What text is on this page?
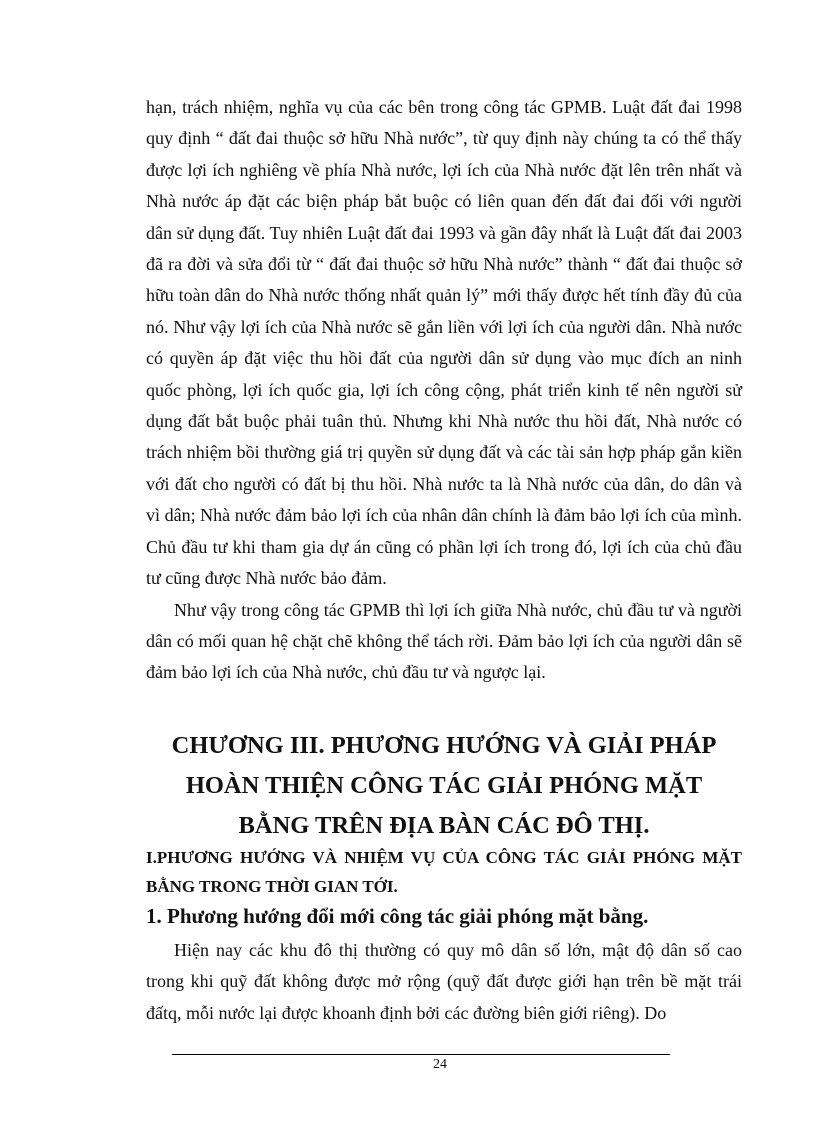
hạn, trách nhiệm, nghĩa vụ của các bên trong công tác GPMB. Luật đất đai 1998 quy định “ đất đai thuộc sở hữu Nhà nước”, từ quy định này chúng ta có thể thấy được lợi ích nghiêng về phía Nhà nước, lợi ích của Nhà nước đặt lên trên nhất và Nhà nước áp đặt các biện pháp bắt buộc có liên quan đến đất đai đối với người dân sử dụng đất. Tuy nhiên Luật đất đai 1993 và gần đây nhất là Luật đất đai 2003 đã ra đời và sửa đổi từ “ đất đai thuộc sở hữu Nhà nước” thành “ đất đai thuộc sở hữu toàn dân do Nhà nước thống nhất quản lý” mới thấy được hết tính đầy đủ của nó. Như vậy lợi ích của Nhà nước sẽ gắn liền với lợi ích của người dân. Nhà nước có quyền áp đặt việc thu hồi đất của người dân sử dụng vào mục đích an ninh quốc phòng, lợi ích quốc gia, lợi ích công cộng, phát triển kinh tế nên người sử dụng đất bắt buộc phải tuân thủ. Nhưng khi Nhà nước thu hồi đất, Nhà nước có trách nhiệm bồi thường giá trị quyền sử dụng đất và các tài sản hợp pháp gắn kiền với đất cho người có đất bị thu hồi. Nhà nước ta là Nhà nước của dân, do dân và vì dân; Nhà nước đảm bảo lợi ích của nhân dân chính là đảm bảo lợi ích của mình. Chủ đầu tư khi tham gia dự án cũng có phần lợi ích trong đó, lợi ích của chủ đầu tư cũng được Nhà nước bảo đảm.

Như vậy trong công tác GPMB thì lợi ích giữa Nhà nước, chủ đầu tư và người dân có mối quan hệ chặt chẽ không thể tách rời. Đảm bảo lợi ích của người dân sẽ đảm bảo lợi ích của Nhà nước, chủ đầu tư và ngược lại.

CHƯƠNG III. PHƯƠNG HƯỚNG VÀ GIẢI PHÁP
HOÀN THIỆN CÔNG TÁC GIẢI PHÓNG MẶT
BẰNG TRÊN ĐỊA BÀN CÁC ĐÔ THỊ.
I.PHƯƠNG HƯỚNG VÀ NHIỆM VỤ CỦA CÔNG TÁC GIẢI PHÓNG MẶT BẰNG TRONG THỜI GIAN TỚI.
1. Phương hướng đổi mới công tác giải phóng mặt bằng.

Hiện nay các khu đô thị thường có quy mô dân số lớn, mật độ dân số cao trong khi quỹ đất không được mở rộng (quỹ đất được giới hạn trên bề mặt trái đấtq, mỗi nước lại được khoanh định bởi các đường biên giới riêng). Do

24
